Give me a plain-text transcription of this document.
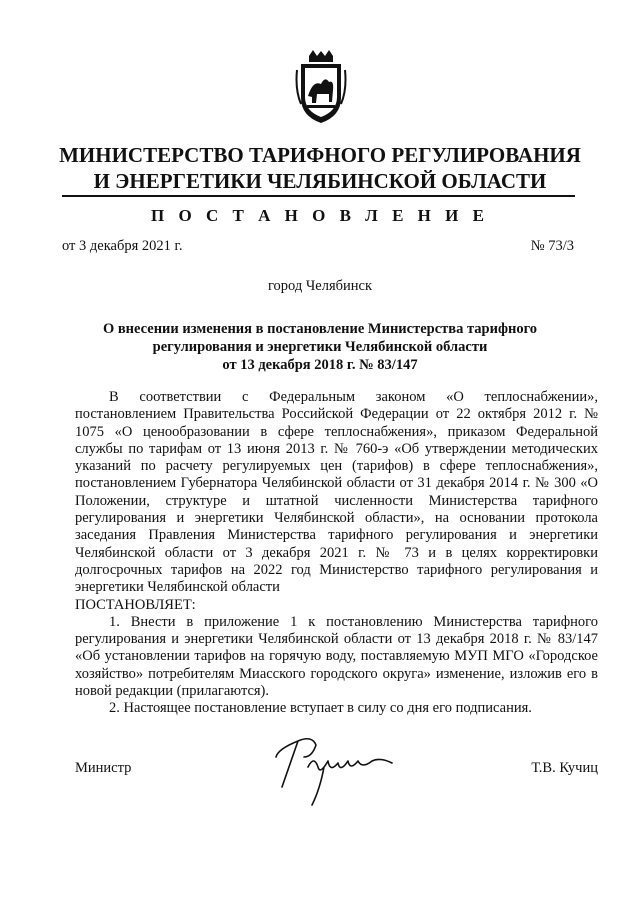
МИНИСТЕРСТВО ТАРИФНОГО РЕГУЛИРОВАНИЯ
И ЭНЕРГЕТИКИ ЧЕЛЯБИНСКОЙ ОБЛАСТИ
П О С Т А Н О В Л Е Н И Е
от 3 декабря 2021 г.	№ 73/3
город Челябинск
О внесении изменения в постановление Министерства тарифного
регулирования и энергетики Челябинской области
от 13 декабря 2018 г. № 83/147

В соответствии с Федеральным законом «О теплоснабжении», постановлением Правительства Российской Федерации от 22 октября 2012 г. № 1075 «О ценообразовании в сфере теплоснабжения», приказом Федеральной службы по тарифам от 13 июня 2013 г. № 760-э «Об утверждении методических указаний по расчету регулируемых цен (тарифов) в сфере теплоснабжения», постановлением Губернатора Челябинской области от 31 декабря 2014 г. № 300 «О Положении, структуре и штатной численности Министерства тарифного регулирования и энергетики Челябинской области», на основании протокола заседания Правления Министерства тарифного регулирования и энергетики Челябинской области от 3 декабря 2021 г. № 73 и в целях корректировки долгосрочных тарифов на 2022 год Министерство тарифного регулирования и энергетики Челябинской области

ПОСТАНОВЛЯЕТ:

1. Внести в приложение 1 к постановлению Министерства тарифного регулирования и энергетики Челябинской области от 13 декабря 2018 г. № 83/147 «Об установлении тарифов на горячую воду, поставляемую МУП МГО «Городское хозяйство» потребителям Миасского городского округа» изменение, изложив его в новой редакции (прилагаются).

2. Настоящее постановление вступает в силу со дня его подписания.

Министр	Т.В. Кучиц
